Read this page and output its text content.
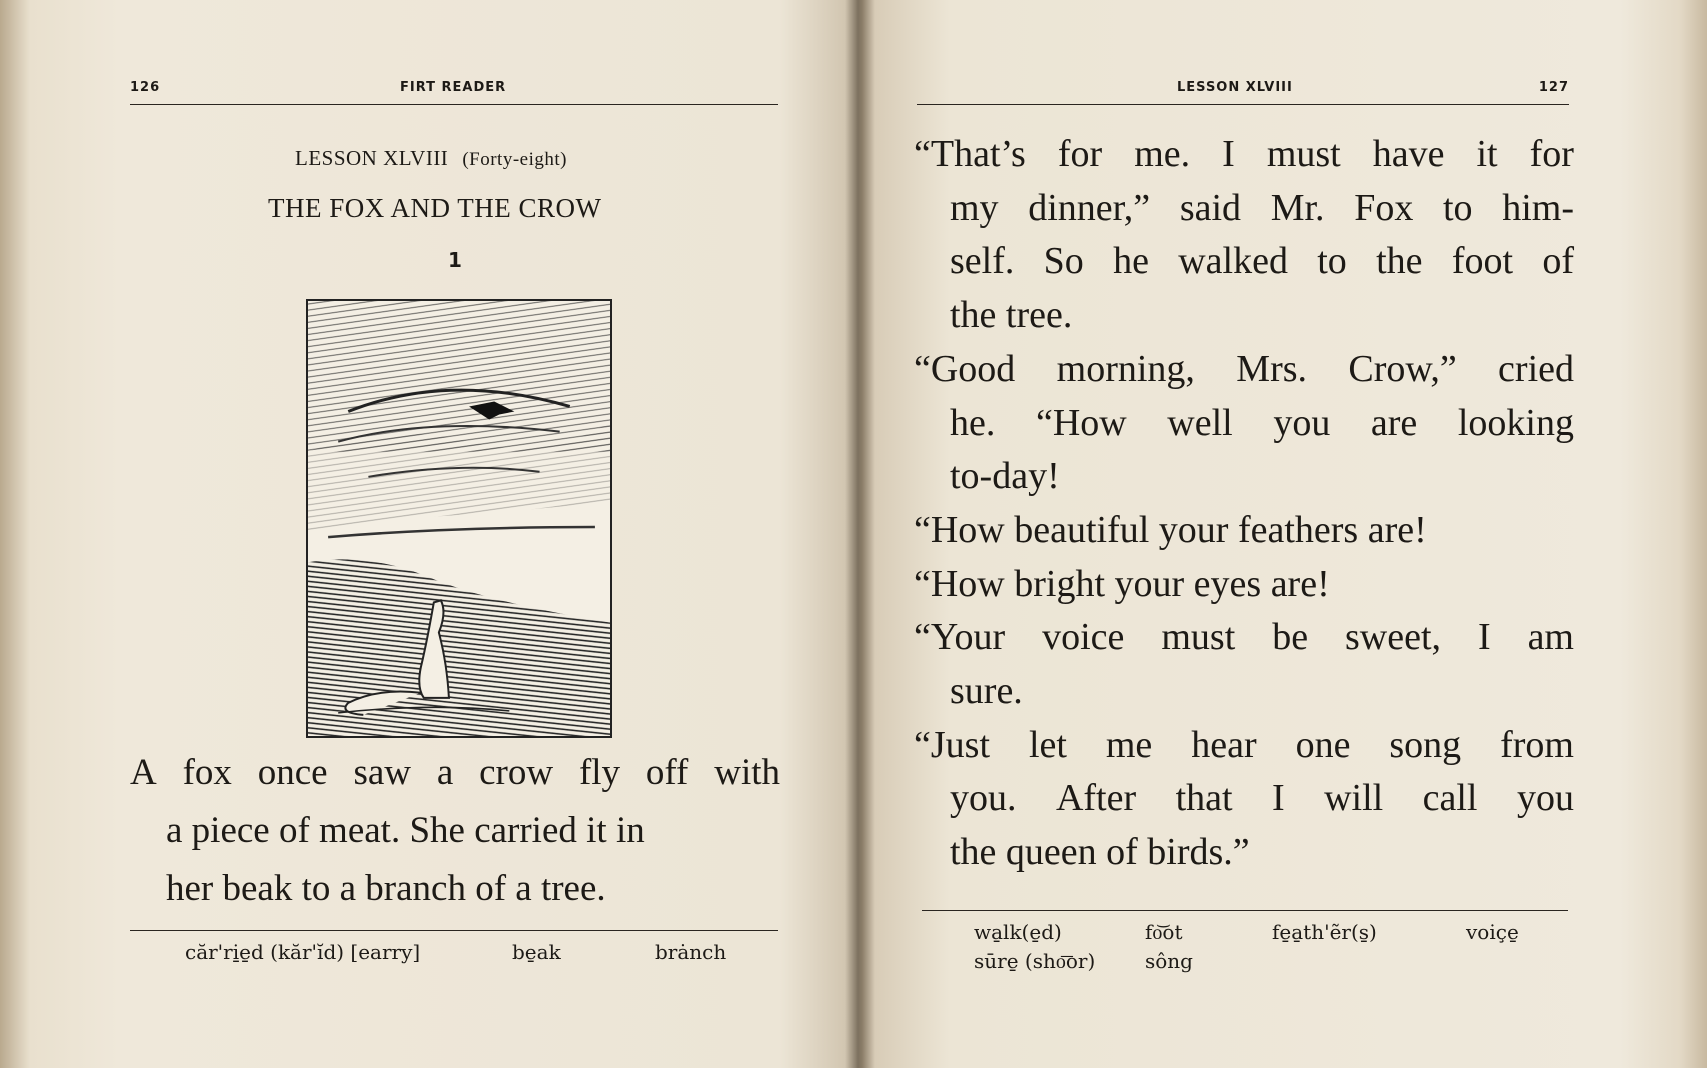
126	FIRT READER
LESSON XLVIII (Forty-eight)
THE FOX AND THE CROW
1
A fox once saw a crow fly off with
a piece of meat. She carried it in
her beak to a branch of a tree.
căr'ri̱e̱d (kăr'ĭd) [earry]	be̱ak	brȧnch
LESSON XLVIII	127
“That’s for me. I must have it for
my dinner,” said Mr. Fox to him-
self. So he walked to the foot of
the tree.
“Good morning, Mrs. Crow,” cried
he. “How well you are looking
to-day!
“How beautiful your feathers are!
“How bright your eyes are!
“Your voice must be sweet, I am
sure.
“Just let me hear one song from
you. After that I will call you
the queen of birds.”
wa̱lk(e̱d)	fo͝ot	fe̱a̱th'ẽr(s̱)	voiçe̱
sūre̱ (sho͞or) sông
